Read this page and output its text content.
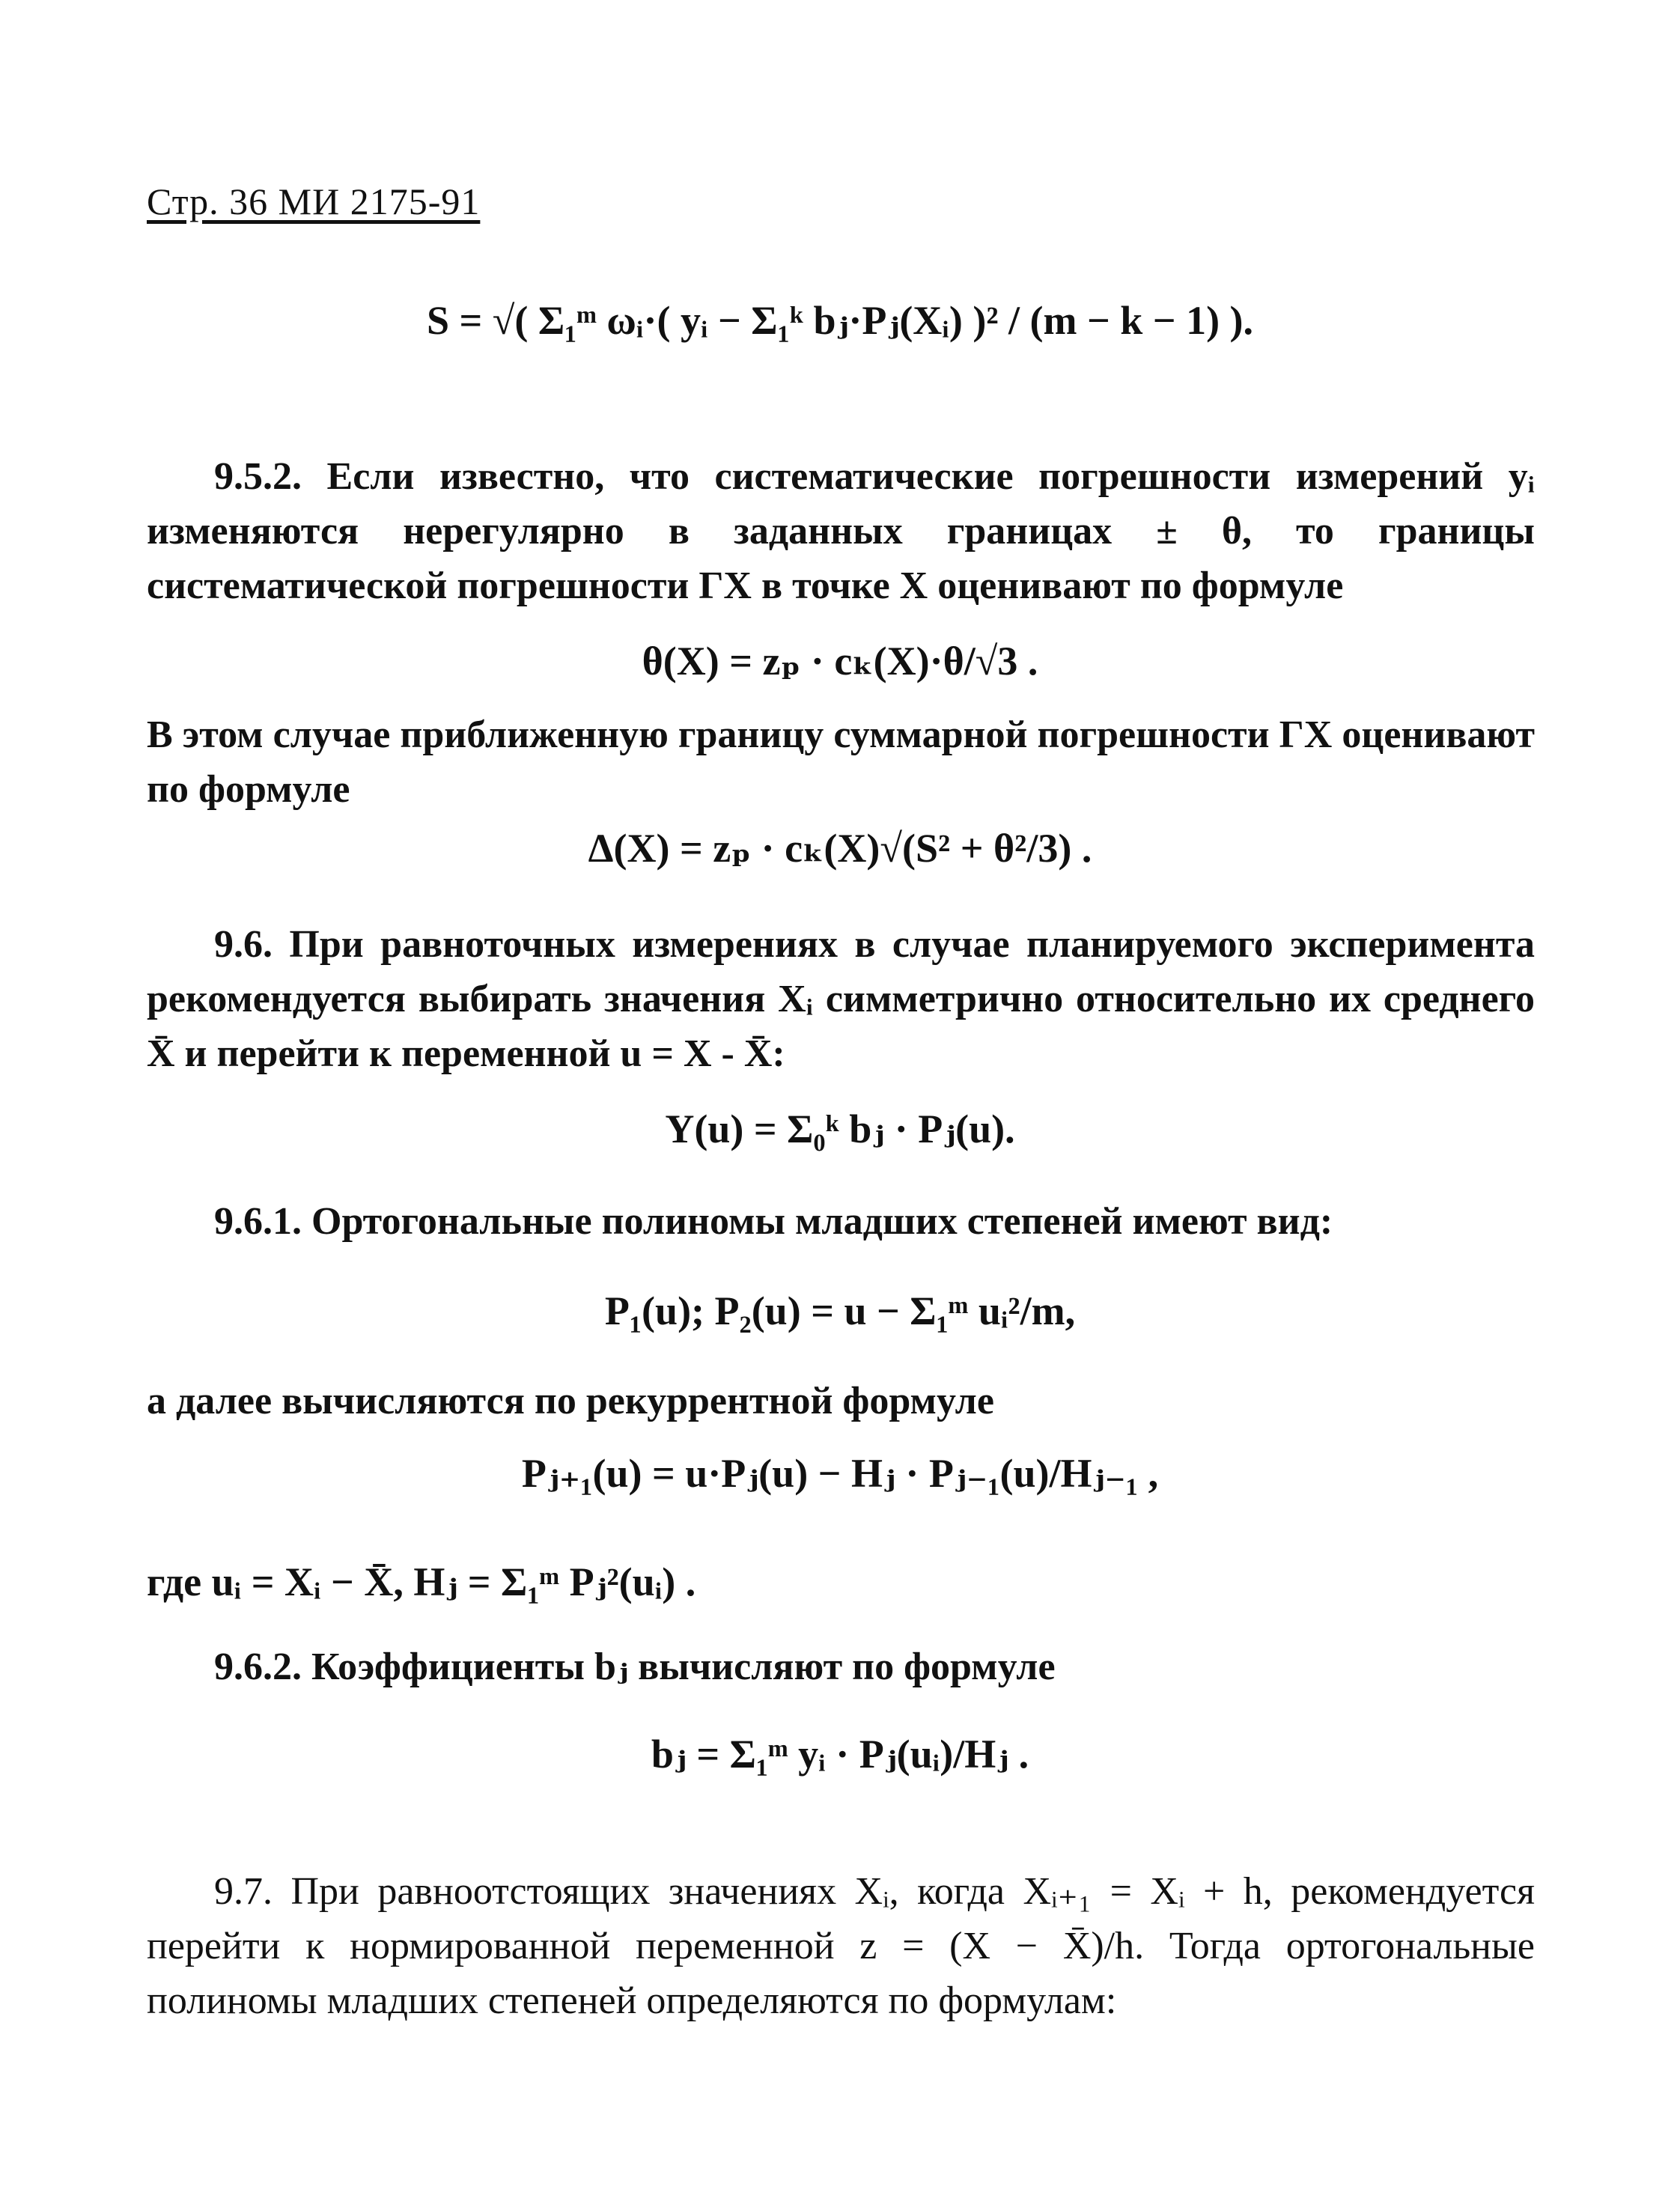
Стр. 36 МИ 2175-91
S = √( Σ₁ᵐ ωᵢ·( yᵢ − Σ₁ᵏ bⱼ·Pⱼ(Xᵢ) )² / (m − k − 1) ).
9.5.2. Если известно, что систематические погрешности измерений yᵢ изменяются нерегулярно в заданных границах ± θ, то границы систематической погрешности ГХ в точке X оценивают по формуле
θ(X) = zₚ · cₖ(X)·θ/√3 .
В этом случае приближенную границу суммарной погрешности ГХ оценивают по формуле
Δ(X) = zₚ · cₖ(X)√(S² + θ²/3) .
9.6. При равноточных измерениях в случае планируемого эксперимента рекомендуется выбирать значения Xᵢ симметрично относительно их среднего X̄ и перейти к переменной u = X - X̄:
Y(u) = Σ₀ᵏ bⱼ · Pⱼ(u).
9.6.1. Ортогональные полиномы младших степеней имеют вид:
P₁(u); P₂(u) = u − Σ₁ᵐ uᵢ²/m,
а далее вычисляются по рекуррентной формуле
Pⱼ₊₁(u) = u·Pⱼ(u) − Hⱼ · Pⱼ₋₁(u)/Hⱼ₋₁ ,
где uᵢ = Xᵢ − X̄, Hⱼ = Σ₁ᵐ Pⱼ²(uᵢ) .
9.6.2. Коэффициенты bⱼ вычисляют по формуле
bⱼ = Σ₁ᵐ yᵢ · Pⱼ(uᵢ)/Hⱼ .
9.7. При равноотстоящих значениях Xᵢ, когда Xᵢ₊₁ = Xᵢ + h, рекомендуется перейти к нормированной переменной z = (X − X̄)/h. Тогда ортогональные полиномы младших степеней определяются по формулам:
